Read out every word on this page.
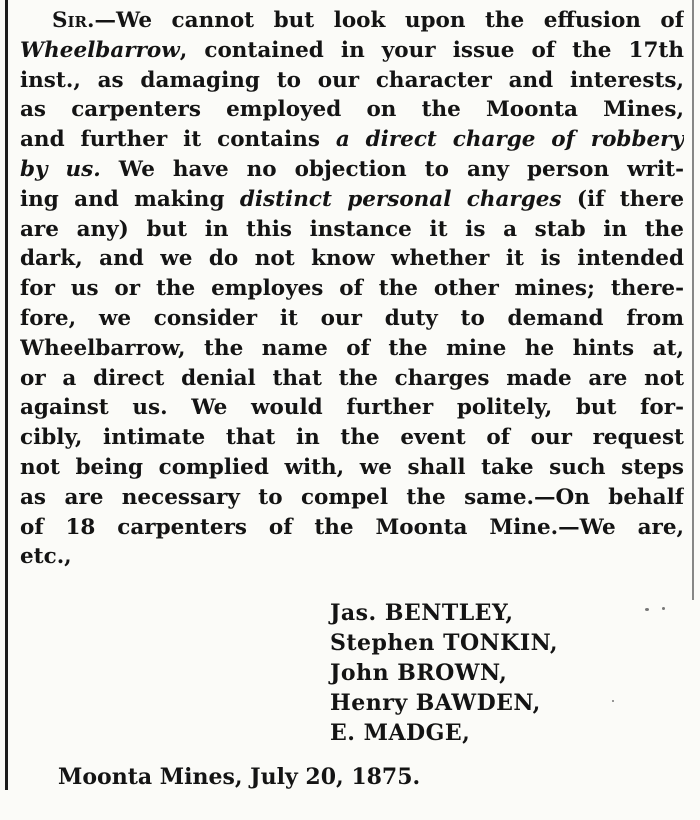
Sir.—We cannot but look upon the effusion of
Wheelbarrow, contained in your issue of the 17th
inst., as damaging to our character and interests,
as carpenters employed on the Moonta Mines,
and further it contains a direct charge of robbery
by us. We have no objection to any person writ-
ing and making distinct personal charges (if there
are any) but in this instance it is a stab in the
dark, and we do not know whether it is intended
for us or the employes of the other mines; there-
fore, we consider it our duty to demand from
Wheelbarrow, the name of the mine he hints at,
or a direct denial that the charges made are not
against us. We would further politely, but for-
cibly, intimate that in the event of our request
not being complied with, we shall take such steps
as are necessary to compel the same.—On behalf
of 18 carpenters of the Moonta Mine.—We are,
etc.,
Jas. BENTLEY,
Stephen TONKIN,
John BROWN,
Henry BAWDEN,
E. MADGE,

Moonta Mines, July 20, 1875.
